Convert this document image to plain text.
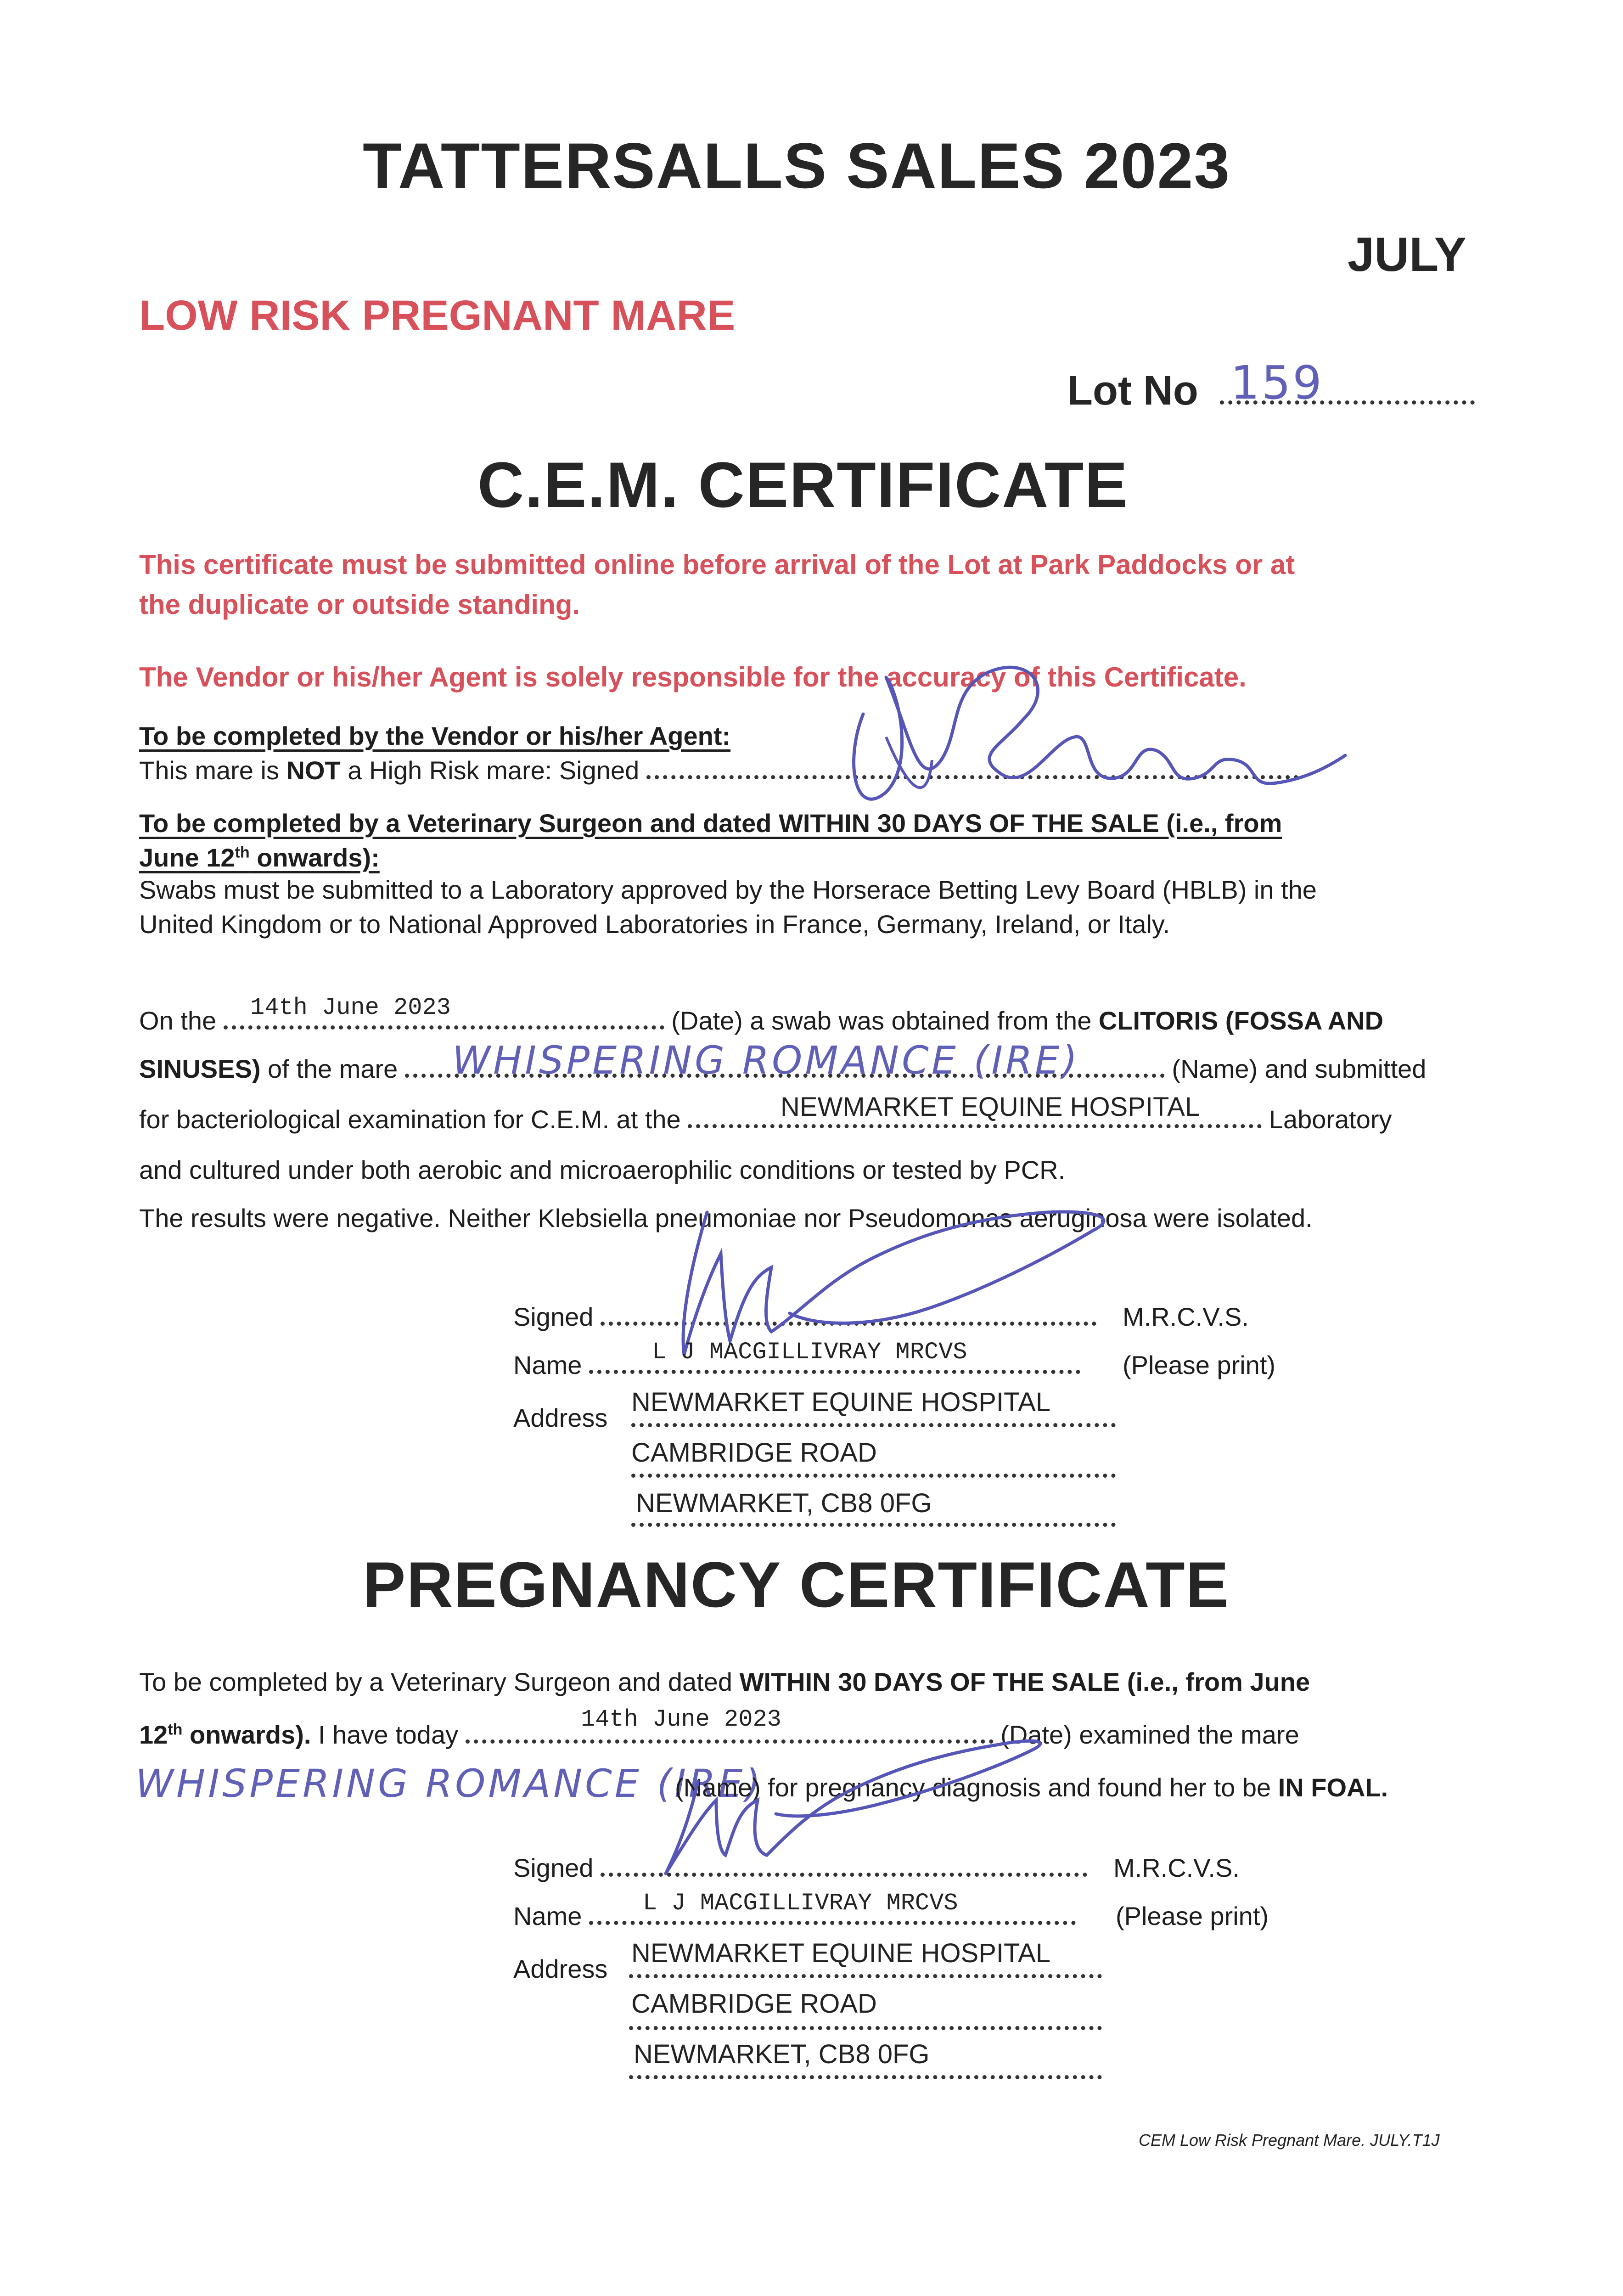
TATTERSALLS SALES 2023
JULY
LOW RISK PREGNANT MARE
Lot No 159
C.E.M. CERTIFICATE
This certificate must be submitted online before arrival of the Lot at Park Paddocks or at
the duplicate or outside standing.
The Vendor or his/her Agent is solely responsible for the accuracy of this Certificate.
To be completed by the Vendor or his/her Agent:
This mare is NOT a High Risk mare: Signed
To be completed by a Veterinary Surgeon and dated WITHIN 30 DAYS OF THE SALE (i.e., from
June 12th onwards):
Swabs must be submitted to a Laboratory approved by the Horserace Betting Levy Board (HBLB) in the
United Kingdom or to National Approved Laboratories in France, Germany, Ireland, or Italy.
On the	(Date) a swab was obtained from the CLITORIS (FOSSA AND
14th June 2023
SINUSES) of the mare	(Name) and submitted
WHISPERING ROMANCE (IRE)
for bacteriological examination for C.E.M. at the	Laboratory
NEWMARKET EQUINE HOSPITAL
and cultured under both aerobic and microaerophilic conditions or tested by PCR.
The results were negative. Neither Klebsiella pneumoniae nor Pseudomonas aeruginosa were isolated.
Signed	M.R.C.V.S.
Name	L J MACGILLIVRAY MRCVS	(Please print)
Address
NEWMARKET EQUINE HOSPITAL
CAMBRIDGE ROAD
NEWMARKET, CB8 0FG
PREGNANCY CERTIFICATE
To be completed by a Veterinary Surgeon and dated WITHIN 30 DAYS OF THE SALE (i.e., from June
12th onwards). I have today	(Date) examined the mare
14th June 2023
WHISPERING ROMANCE (IRE)
(Name) for pregnancy diagnosis and found her to be IN FOAL.
Signed	M.R.C.V.S.
Name	L J MACGILLIVRAY MRCVS	(Please print)
Address
NEWMARKET EQUINE HOSPITAL
CAMBRIDGE ROAD
NEWMARKET, CB8 0FG
CEM Low Risk Pregnant Mare. JULY.T1J
